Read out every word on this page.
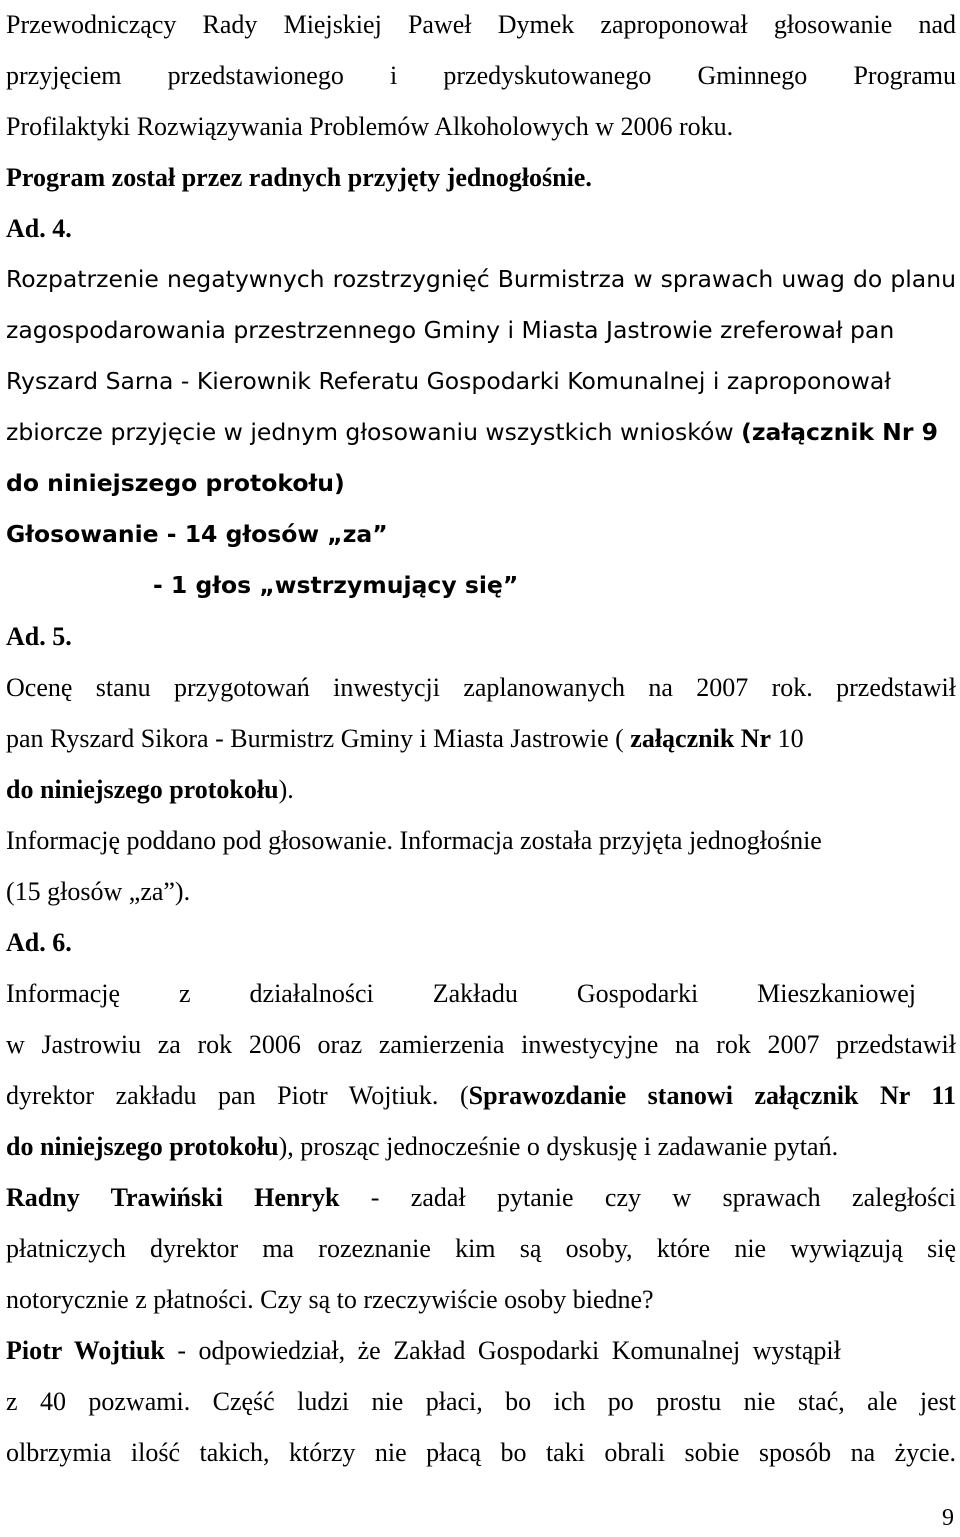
Przewodniczący Rady Miejskiej Paweł Dymek zaproponował głosowanie nad
przyjęciem przedstawionego i przedyskutowanego Gminnego Programu
Profilaktyki Rozwiązywania Problemów Alkoholowych w 2006 roku.
Program został przez radnych przyjęty jednogłośnie.
Ad. 4.
Rozpatrzenie negatywnych rozstrzygnięć Burmistrza w sprawach uwag do planu
zagospodarowania przestrzennego Gminy i Miasta Jastrowie zreferował pan
Ryszard Sarna - Kierownik Referatu Gospodarki Komunalnej i zaproponował
zbiorcze przyjęcie w jednym głosowaniu wszystkich wniosków (załącznik Nr 9
do niniejszego protokołu)
Głosowanie - 14 głosów „za”
- 1 głos „wstrzymujący się”
Ad. 5.
Ocenę stanu przygotowań inwestycji zaplanowanych na 2007 rok. przedstawił
pan Ryszard Sikora - Burmistrz Gminy i Miasta Jastrowie ( załącznik Nr 10
do niniejszego protokołu).
Informację poddano pod głosowanie. Informacja została przyjęta jednogłośnie
(15 głosów „za”).
Ad. 6.
Informację z działalności Zakładu Gospodarki Mieszkaniowej
w Jastrowiu za rok 2006 oraz zamierzenia inwestycyjne na rok 2007 przedstawił
dyrektor zakładu pan Piotr Wojtiuk. (Sprawozdanie stanowi załącznik Nr 11
do niniejszego protokołu), prosząc jednocześnie o dyskusję i zadawanie pytań.
Radny Trawiński Henryk - zadał pytanie czy w sprawach zaległości
płatniczych dyrektor ma rozeznanie kim są osoby, które nie wywiązują się
notorycznie z płatności. Czy są to rzeczywiście osoby biedne?
Piotr Wojtiuk - odpowiedział, że Zakład Gospodarki Komunalnej wystąpił
z 40 pozwami. Część ludzi nie płaci, bo ich po prostu nie stać, ale jest
olbrzymia ilość takich, którzy nie płacą bo taki obrali sobie sposób na życie.
9
